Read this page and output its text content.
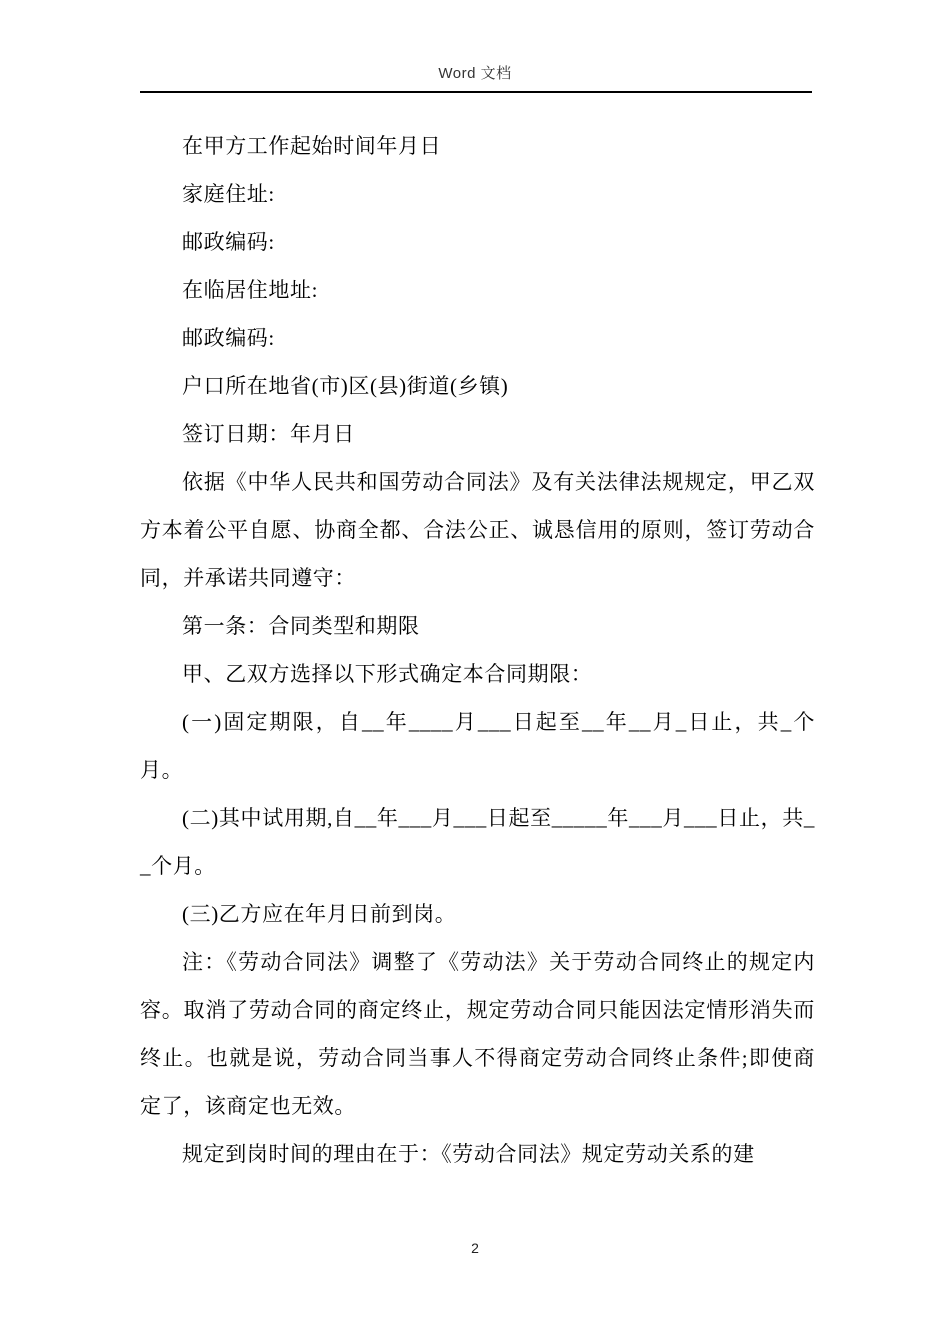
Word 文档

在甲方工作起始时间年月日

家庭住址:

邮政编码:

在临居住地址:

邮政编码:

户口所在地省(市)区(县)街道(乡镇)

签订日期：年月日

依据《中华人民共和国劳动合同法》及有关法律法规规定，甲乙双方本着公平自愿、协商全都、合法公正、诚恳信用的原则，签订劳动合同，并承诺共同遵守：

第一条：合同类型和期限

甲、乙双方选择以下形式确定本合同期限：

(一)固定期限，自__年____月___日起至__年__月_日止，共_个月。

(二)其中试用期,自__年___月___日起至_____年___月___日止，共__个月。

(三)乙方应在年月日前到岗。

注：《劳动合同法》调整了《劳动法》关于劳动合同终止的规定内容。取消了劳动合同的商定终止，规定劳动合同只能因法定情形消失而终止。也就是说，劳动合同当事人不得商定劳动合同终止条件;即使商定了，该商定也无效。

规定到岗时间的理由在于：《劳动合同法》规定劳动关系的建

2
